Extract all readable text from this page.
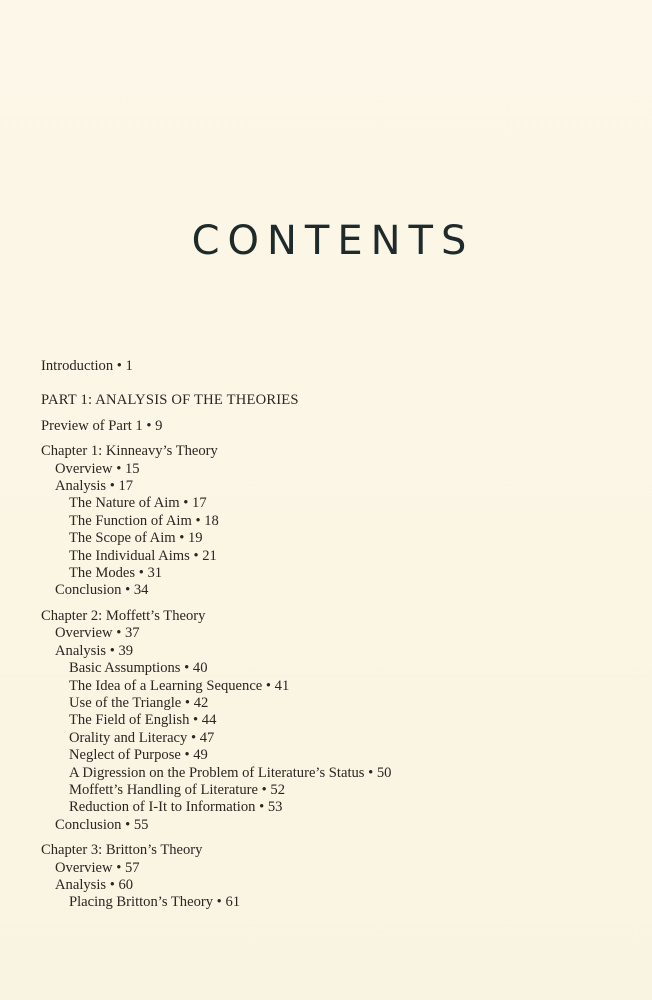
CONTENTS
Introduction • 1
PART 1: ANALYSIS OF THE THEORIES
Preview of Part 1 • 9
Chapter 1: Kinneavy’s Theory
Overview • 15
Analysis • 17
The Nature of Aim • 17
The Function of Aim • 18
The Scope of Aim • 19
The Individual Aims • 21
The Modes • 31
Conclusion • 34
Chapter 2: Moffett’s Theory
Overview • 37
Analysis • 39
Basic Assumptions • 40
The Idea of a Learning Sequence • 41
Use of the Triangle • 42
The Field of English • 44
Orality and Literacy • 47
Neglect of Purpose • 49
A Digression on the Problem of Literature’s Status • 50
Moffett’s Handling of Literature • 52
Reduction of I-It to Information • 53
Conclusion • 55
Chapter 3: Britton’s Theory
Overview • 57
Analysis • 60
Placing Britton’s Theory • 61
